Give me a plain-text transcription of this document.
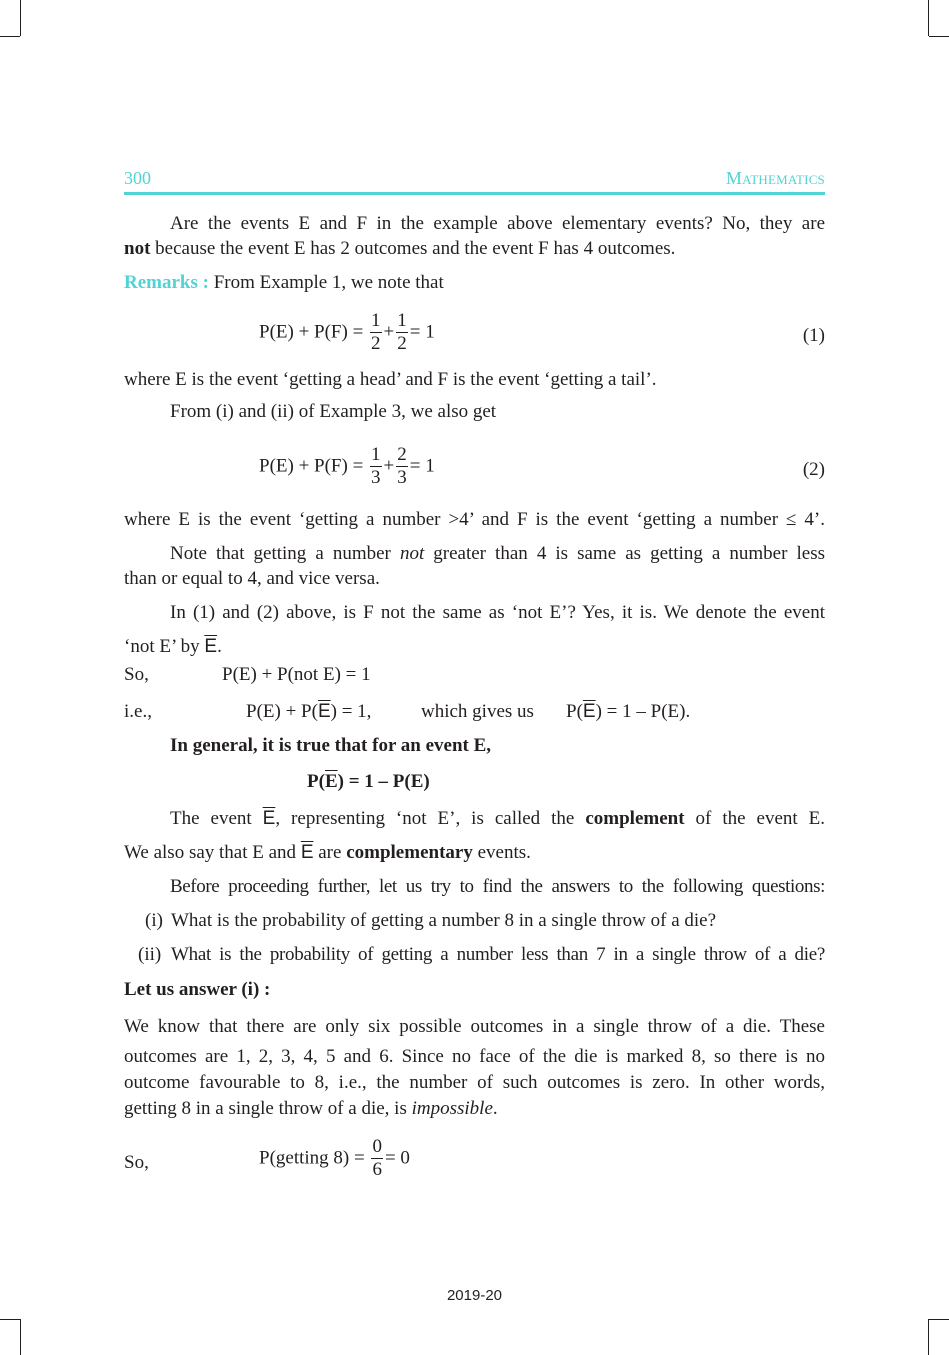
300	Mathematics
Are the events E and F in the example above elementary events? No, they are
not because the event E has 2 outcomes and the event F has 4 outcomes.
Remarks : From Example 1, we note that
$P(E) + P(F) = \frac{1}{2} + \frac{1}{2} = 1$	(1)
where E is the event ‘getting a head’ and F is the event ‘getting a tail’.
From (i) and (ii) of Example 3, we also get
$P(E) + P(F) = \frac{1}{3} + \frac{2}{3} = 1$	(2)
where E is the event ‘getting a number >4’ and F is the event ‘getting a number ≤ 4’.
Note that getting a number not greater than 4 is same as getting a number less
than or equal to 4, and vice versa.
In (1) and (2) above, is F not the same as ‘not E’? Yes, it is. We denote the event
‘not E’ by $\overline{E}$.
So,	P(E) + P(not E) = 1
i.e.,	$P(E) + P(\overline{E}) = 1$,	which gives us $P(\overline{E}) = 1 - P(E)$.
In general, it is true that for an event E,
$P(\overline{E}) = 1 - P(E)$
The event $\overline{E}$, representing ‘not E’, is called the complement of the event E.
We also say that E and $\overline{E}$ are complementary events.
Before proceeding further, let us try to find the answers to the following questions:
(i) What is the probability of getting a number 8 in a single throw of a die?
(ii) What is the probability of getting a number less than 7 in a single throw of a die?
Let us answer (i) :
We know that there are only six possible outcomes in a single throw of a die. These
outcomes are 1, 2, 3, 4, 5 and 6. Since no face of the die is marked 8, so there is no
outcome favourable to 8, i.e., the number of such outcomes is zero. In other words,
getting 8 in a single throw of a die, is impossible.
So,	P(getting $8) = \frac{0}{6} = 0$
2019-20
